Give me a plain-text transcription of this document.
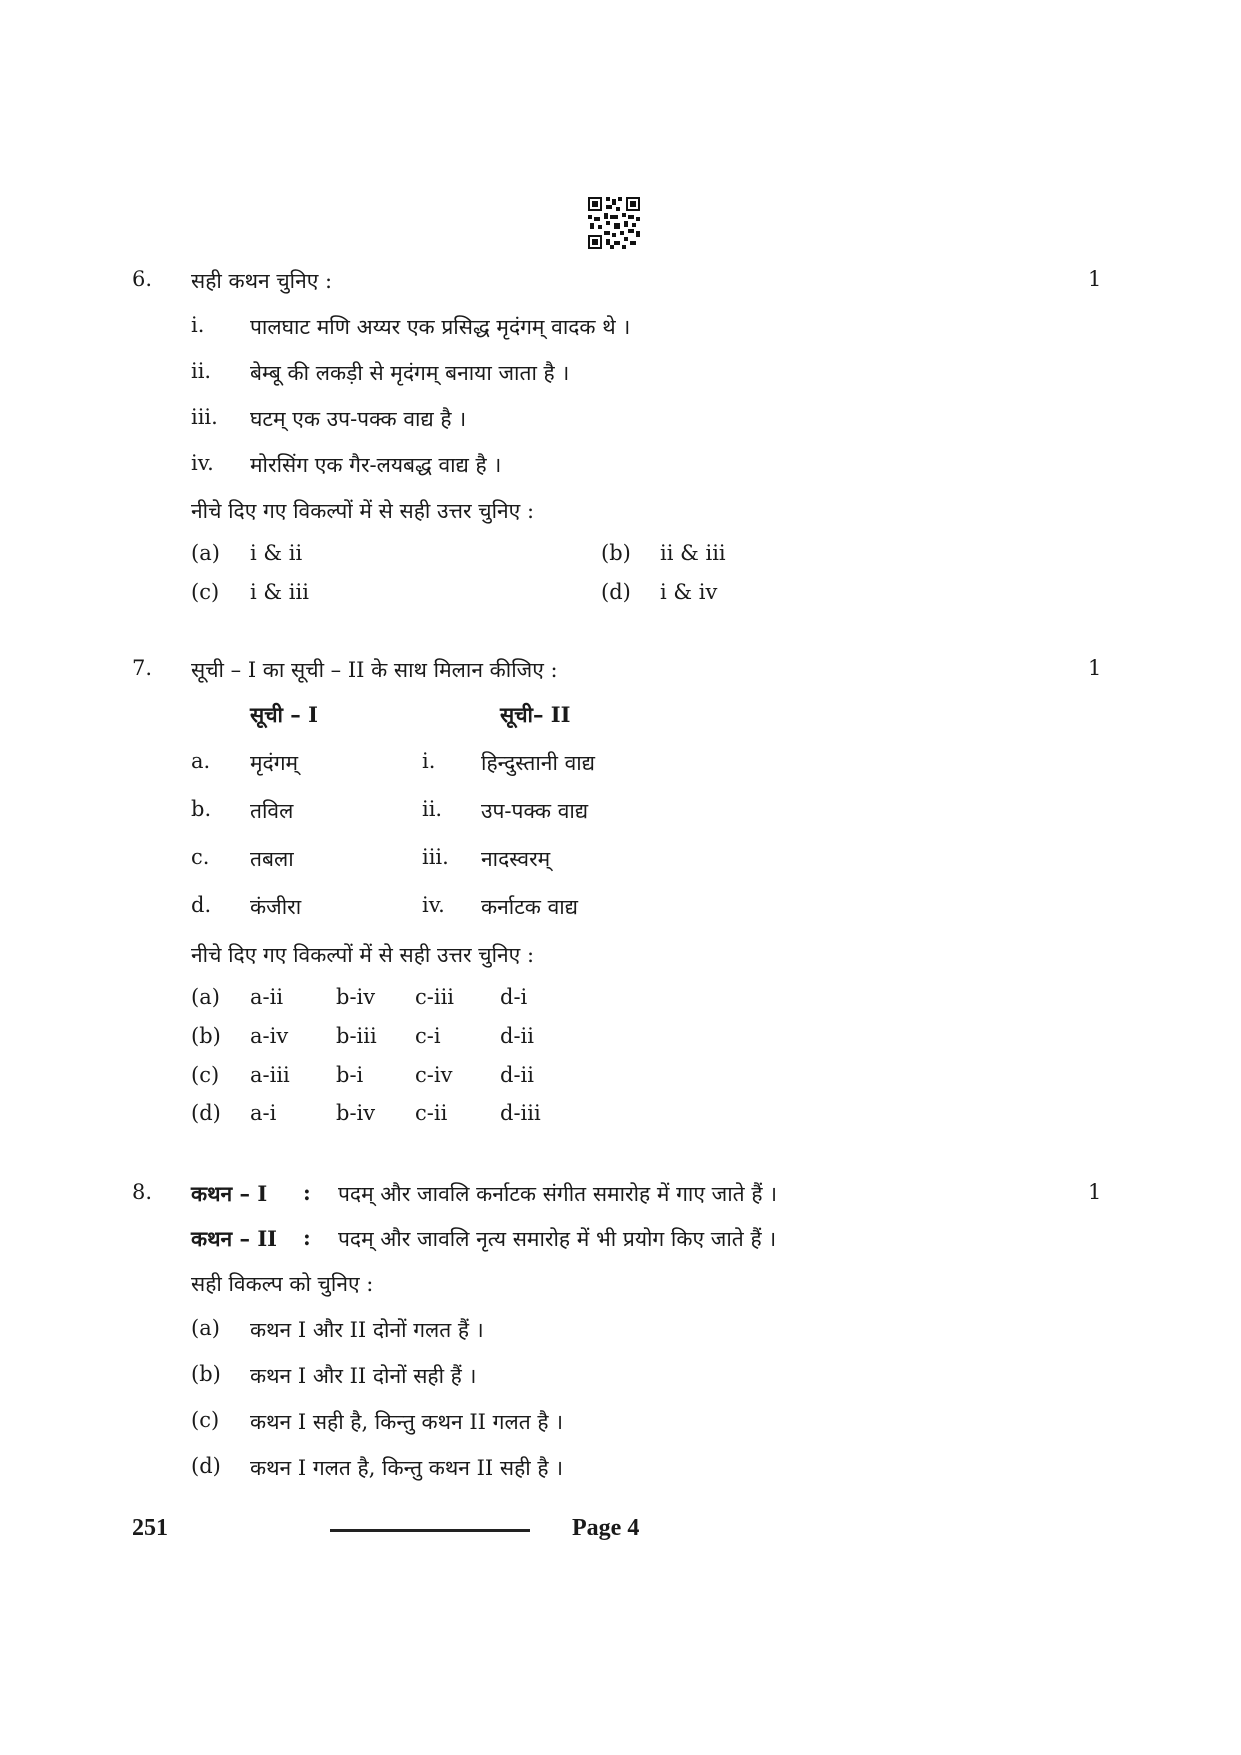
6. सही कथन चुनिए :	1
i. पालघाट मणि अय्यर एक प्रसिद्ध मृदंगम् वादक थे ।
ii. बेम्बू की लकड़ी से मृदंगम् बनाया जाता है ।
iii. घटम् एक उप-पक्क वाद्य है ।
iv. मोरसिंग एक गैर-लयबद्ध वाद्य है ।
नीचे दिए गए विकल्पों में से सही उत्तर चुनिए :
(a) i & ii	(b) ii & iii
(c) i & iii	(d) i & iv
7. सूची – I का सूची – II के साथ मिलान कीजिए :	1
सूची – I	सूची– II
a. मृदंगम्	i. हिन्दुस्तानी वाद्य
b. तविल	ii. उप-पक्क वाद्य
c. तबला	iii. नादस्वरम्
d. कंजीरा	iv. कर्नाटक वाद्य
नीचे दिए गए विकल्पों में से सही उत्तर चुनिए :
(a) a-ii	b-iv c-iii d-i
(b) a-iv b-iii c-i	d-ii
(c) a-iii b-i c-iv d-ii
(d) a-i	b-iv c-ii	d-iii
8. कथन – I : पदम् और जावलि कर्नाटक संगीत समारोह में गाए जाते हैं ।	1
कथन – II : पदम् और जावलि नृत्य समारोह में भी प्रयोग किए जाते हैं ।
सही विकल्प को चुनिए :
(a) कथन I और II दोनों गलत हैं ।
(b) कथन I और II दोनों सही हैं ।
(c) कथन I सही है, किन्तु कथन II गलत है ।
(d) कथन I गलत है, किन्तु कथन II सही है ।
251	Page 4
